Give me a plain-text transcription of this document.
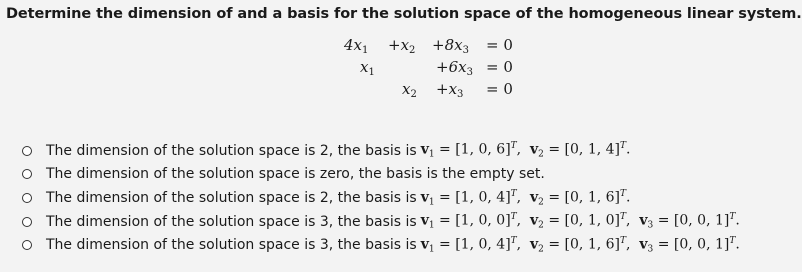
Determine the dimension of and a basis for the solution space of the homogeneous linear system.
$4x_1 +x_2 +8x_3 = 0$
$x_1$	$+6x_3 = 0$
$x_2 +x_3 = 0$
The dimension of the solution space is 2, the basis is $v_1 = [1$, 0, 6]$^T$, $v_2 = [0$, 1, 4]$^T$.
The dimension of the solution space is zero, the basis is the empty set.
The dimension of the solution space is 2, the basis is $v_1 = [1$, 0, 4]$^T$, $v_2 = [0$, 1, 6]$^T$.
The dimension of the solution space is 3, the basis is $v_1 = [1$, 0, 0]$^T$, $v_2 = [0$, 1, 0]$^T$, $v_3 = [0$, 0, 1]$^T$.
The dimension of the solution space is 3, the basis is $v_1 = [1$, 0, 4]$^T$, $v_2 = [0$, 1, 6]$^T$, $v_3 = [0$, 0, 1]$^T$.
